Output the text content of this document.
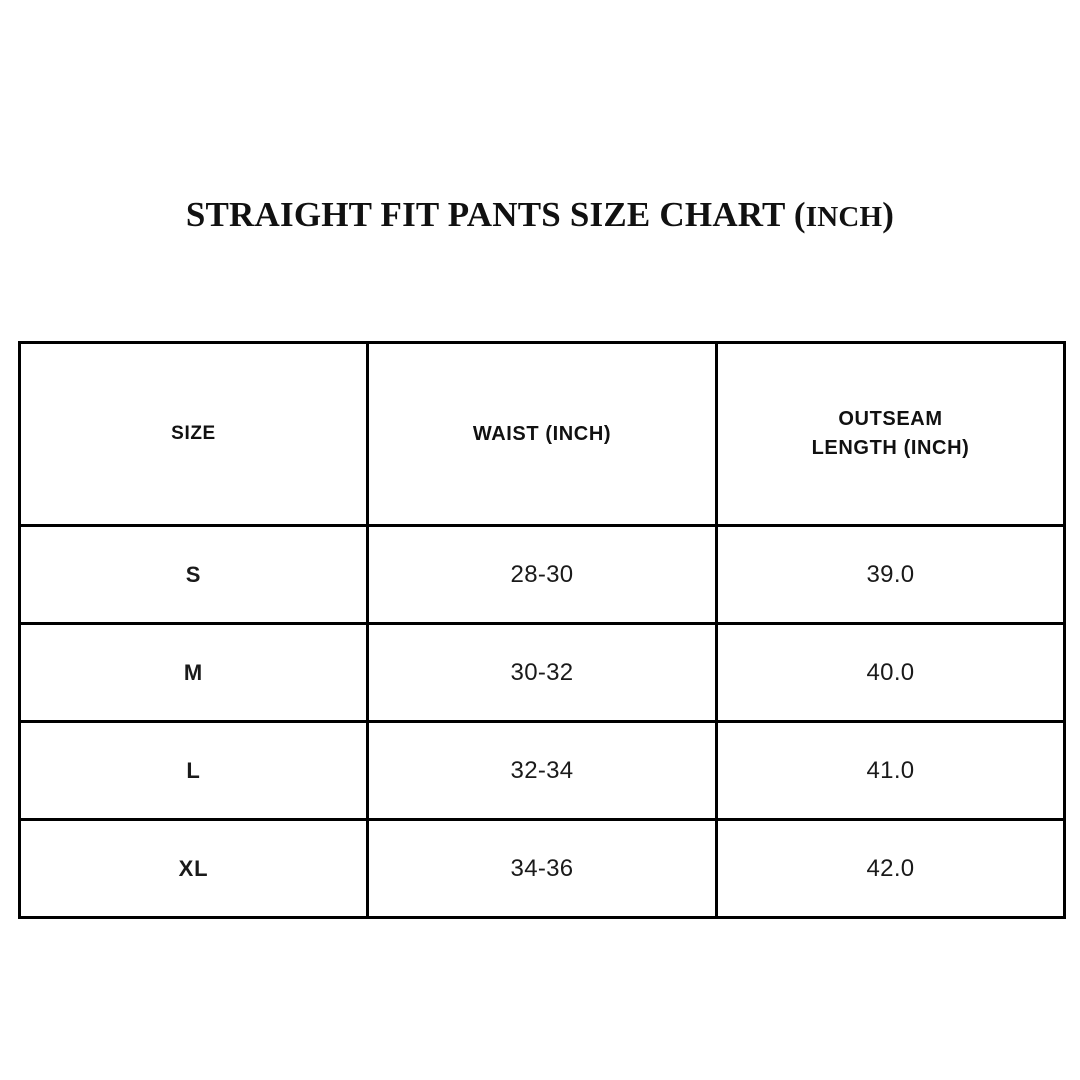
STRAIGHT FIT PANTS SIZE CHART (INCH)
SIZE	WAIST (INCH)	OUTSEAM
LENGTH (INCH)
S	28-30	39.0
M	30-32	40.0
L	32-34	41.0
XL	34-36	42.0
